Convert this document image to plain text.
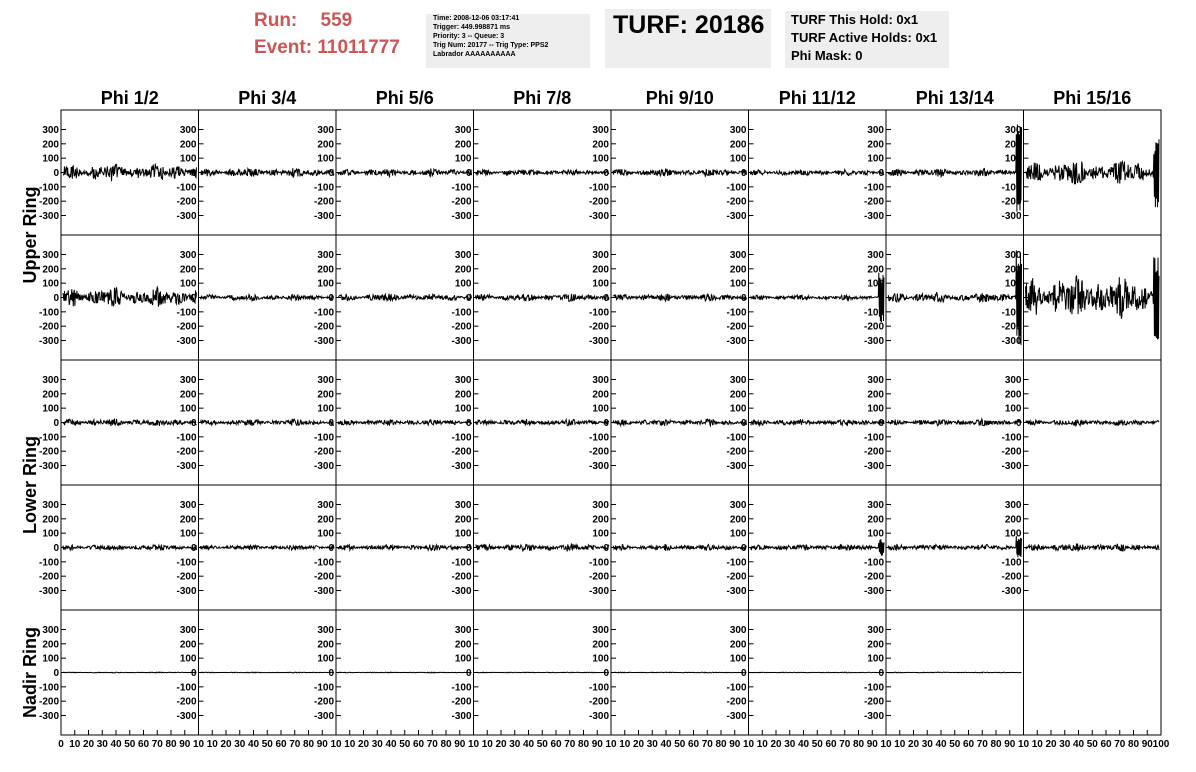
Run: 559
Event: 11011777
Time: 2008-12-06 03:17:41
Trigger: 449.998871 ms
Priority: 3 -- Queue: 3
Trig Num: 20177 -- Trig Type: PPS2
Labrador AAAAAAAAAA
TURF: 20186 TURF This Hold: 0x1
TURF Active Holds: 0x1
Phi Mask: 0
Phi 1/2	Phi 3/4	Phi 5/6	Phi 7/8	Phi 9/10	Phi 11/12	Phi 13/14	Phi 15/16
Upper Ring
Lower Ring
Nadir Ring
300
200
100
0
-100
-200
-300
300
200
100
0
-100
-200
-300
300
200
100
0
-100
-200
-300
300
200
100
0
-100
-200
-300
300
200
100
0
-100
-200
-300
300
200
100
0
-100
-200
-300
300
200
100
0
-100
-200
-300
300
200
100
0
-100
-200
-300
300
200
100
0
-100
-200
-300
300
200
100
0
-100
-200
-300
300
200
100
0
-100
-200
-300
300
200
100
0
-100
-200
-300
300
200
100
0
-100
-200
-300
300
200
100
0
-100
-200
-300
300
200
100
0
-100
-200
-300
300
200
100
0
-100
-200
-300
300
200
100
0
-100
-200
-300
300
200
100
0
-100
-200
-300
300
200
100
0
-100
-200
-300
300
200
100
0
-100
-200
-300
300
200
100
0
-100
-200
-300
300
200
100
0
-100
-200
-300
300
200
100
0
-100
-200
-300
300
200
100
0
-100
-200
-300
300
200
100
0
-100
-200
-300
300
200
100
0
-100
-200
-300
300
200
100
0
-100
-200
-300
300
200
100
0
-100
-200
-300
300
200
100
0
-100
-200
-300
300
200
100
0
-100
-200
-300
300
200
100
0
-100
-200
-300
300
200
100
0
-100
-200
-300
300
200
100
0
-100
-200
-300
300
200
100
0
-100
-200
-300
300
200
100
0
-100
-200
-300
300
200
100
0
-100
-200
-300
300
200
100
0
-100
-200
-300
300
200
100
0
-100
-200
-300
300
200
100
0
-100
-200
-300
0 10 20 30 40 50 60 70 80 90 10 10 20 30 40 50 60 70 80 90 10 10 20 30 40 50 60 70 80 90 10 10 20 30 40 50 60 70 80 90 10 10 20 30 40 50 60 70 80 90 10 10 20 30 40 50 60 70 80 90 10 10 20 30 40 50 60 70 80 90 10 10 20 30 40 50 60 70 80 90 100
